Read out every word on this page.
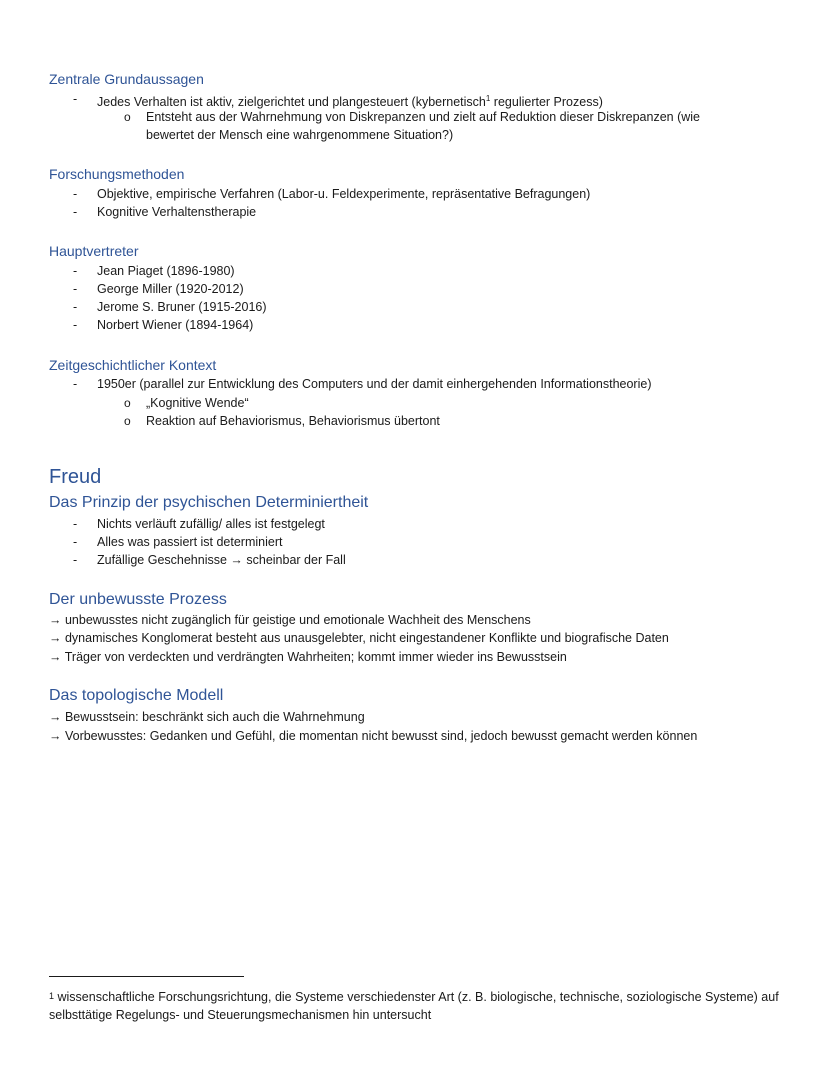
Zentrale Grundaussagen
- Jedes Verhalten ist aktiv, zielgerichtet und plangesteuert (kybernetisch$^1$ regulierter Prozess)
o Entsteht aus der Wahrnehmung von Diskrepanzen und zielt auf Reduktion dieser Diskrepanzen (wie
bewertet der Mensch eine wahrgenommene Situation?)
Forschungsmethoden
- Objektive, empirische Verfahren (Labor-u. Feldexperimente, repräsentative Befragungen)
- Kognitive Verhaltenstherapie
Hauptvertreter
- Jean Piaget (1896-1980)
- George Miller (1920-2012)
- Jerome S. Bruner (1915-2016)
- Norbert Wiener (1894-1964)
Zeitgeschichtlicher Kontext
- 1950er (parallel zur Entwicklung des Computers und der damit einhergehenden Informationstheorie)
o „Kognitive Wende“
o Reaktion auf Behaviorismus, Behaviorismus übertont
Freud
Das Prinzip der psychischen Determiniertheit
- Nichts verläuft zufällig/ alles ist festgelegt
- Alles was passiert ist determiniert
- Zufällige Geschehnisse → scheinbar der Fall
Der unbewusste Prozess
→ unbewusstes nicht zugänglich für geistige und emotionale Wachheit des Menschens
→ dynamisches Konglomerat besteht aus unausgelebter, nicht eingestandener Konflikte und biografische Daten
→ Träger von verdeckten und verdrängten Wahrheiten; kommt immer wieder ins Bewusstsein
Das topologische Modell
→ Bewusstsein: beschränkt sich auch die Wahrnehmung
→ Vorbewusstes: Gedanken und Gefühl, die momentan nicht bewusst sind, jedoch bewusst gemacht werden können
$^1$ wissenschaftliche Forschungsrichtung, die Systeme verschiedenster Art (z. B. biologische, technische, soziologische Systeme) auf selbsttätige Regelungs- und Steuerungsmechanismen hin untersucht
